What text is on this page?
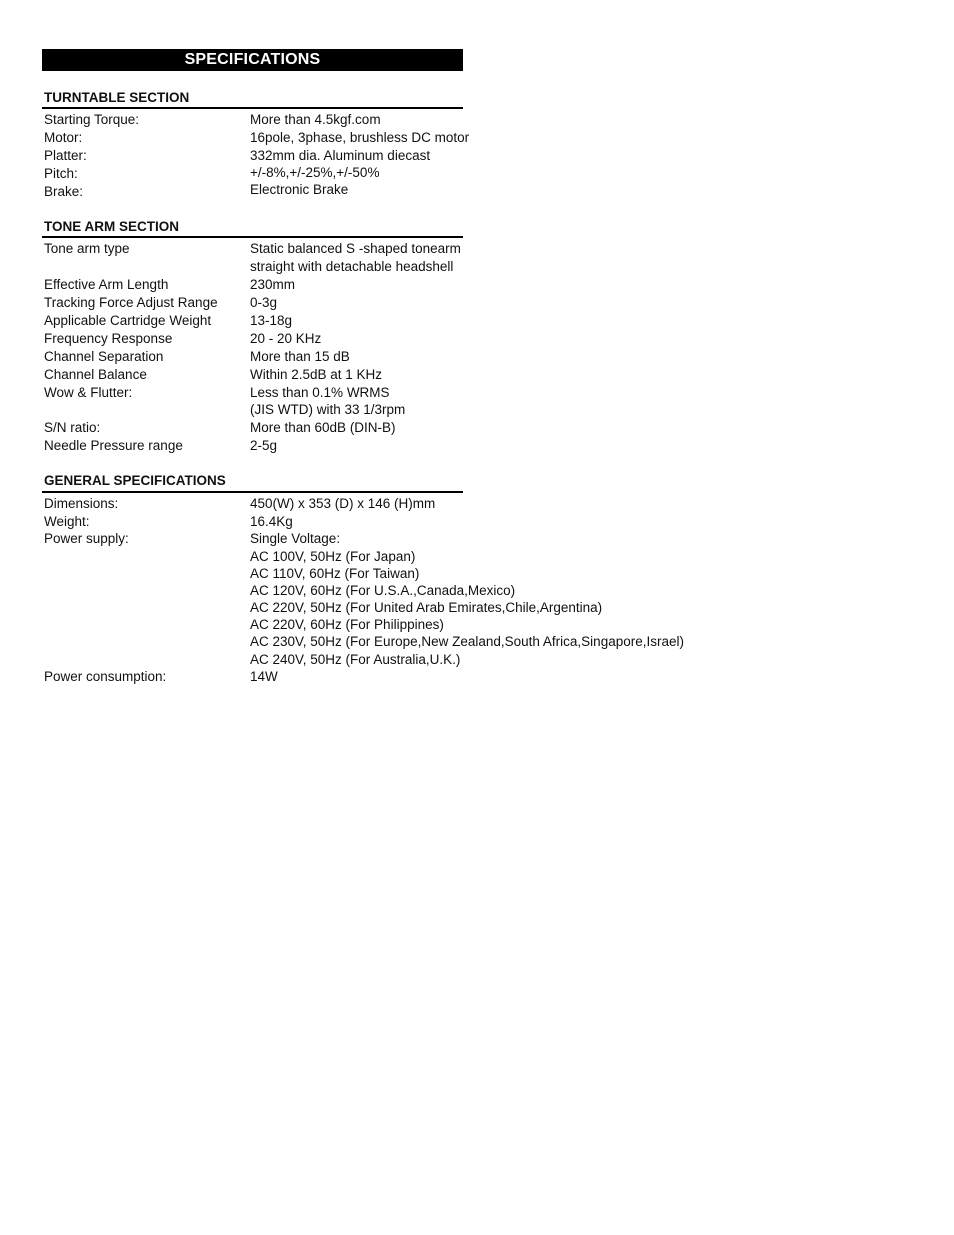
SPECIFICATIONS
TURNTABLE SECTION
Starting Torque:	More than 4.5kgf.com
Motor:	16pole, 3phase, brushless DC motor
Platter:	332mm dia. Aluminum diecast
Pitch:	+/-8%,+/-25%,+/-50%
Brake:	Electronic Brake
TONE ARM SECTION
Tone arm type	Static balanced S -shaped tonearm
straight with detachable headshell
Effective Arm Length	230mm
Tracking Force Adjust Range 0-3g
Applicable Cartridge Weight	13-18g
Frequency Response	20 - 20 KHz
Channel Separation	More than 15 dB
Channel Balance	Within 2.5dB at 1 KHz
Wow & Flutter:	Less than 0.1% WRMS
(JIS WTD) with 33 1/3rpm
S/N ratio:	More than 60dB (DIN-B)
Needle Pressure range	2-5g
GENERAL SPECIFICATIONS
Dimensions:	450(W) x 353 (D) x 146 (H)mm
Weight:	16.4Kg
Power supply:	Single Voltage:
AC 100V, 50Hz (For Japan)
AC 110V, 60Hz (For Taiwan)
AC 120V, 60Hz (For U.S.A.,Canada,Mexico)
AC 220V, 50Hz (For United Arab Emirates,Chile,Argentina)
AC 220V, 60Hz (For Philippines)
AC 230V, 50Hz (For Europe,New Zealand,South Africa,Singapore,Israel)
AC 240V, 50Hz (For Australia,U.K.)
Power consumption:	14W
